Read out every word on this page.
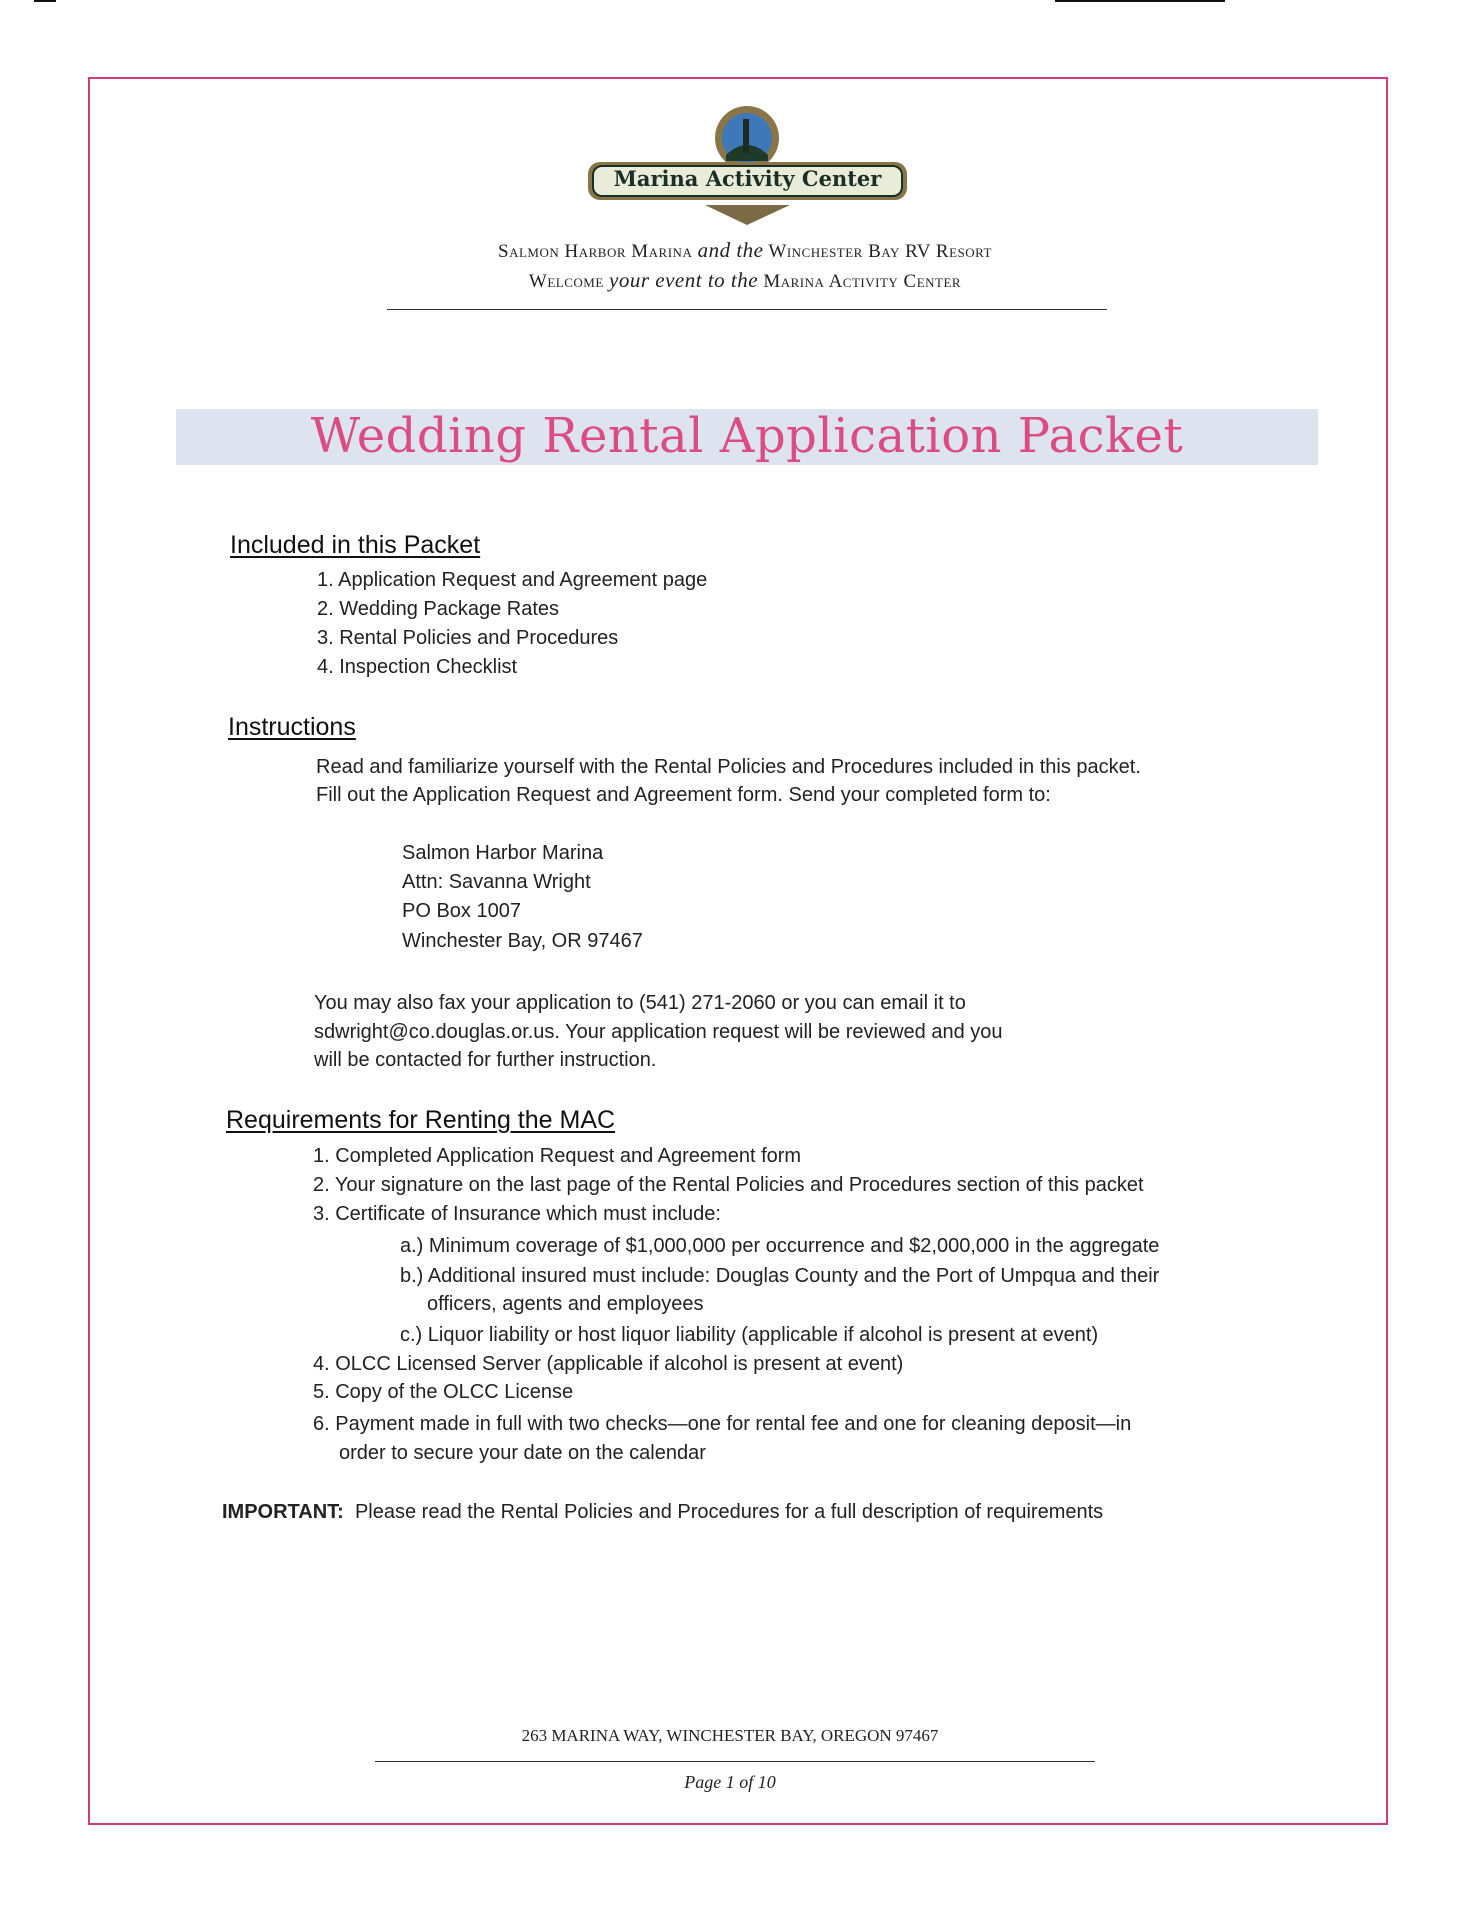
Marina Activity Center
Salmon Harbor Marina and the Winchester Bay RV Resort
Welcome your event to the Marina Activity Center
Wedding Rental Application Packet
Included in this Packet
1. Application Request and Agreement page
2. Wedding Package Rates
3. Rental Policies and Procedures
4. Inspection Checklist
Instructions
Read and familiarize yourself with the Rental Policies and Procedures included in this packet.
Fill out the Application Request and Agreement form. Send your completed form to:
Salmon Harbor Marina
Attn: Savanna Wright
PO Box 1007
Winchester Bay, OR 97467
You may also fax your application to (541) 271-2060 or you can email it to
sdwright@co.douglas.or.us. Your application request will be reviewed and you
will be contacted for further instruction.
Requirements for Renting the MAC
1. Completed Application Request and Agreement form
2. Your signature on the last page of the Rental Policies and Procedures section of this packet
3. Certificate of Insurance which must include:
a.) Minimum coverage of $1,000,000 per occurrence and $2,000,000 in the aggregate
b.) Additional insured must include: Douglas County and the Port of Umpqua and their
officers, agents and employees
c.) Liquor liability or host liquor liability (applicable if alcohol is present at event)
4. OLCC Licensed Server (applicable if alcohol is present at event)
5. Copy of the OLCC License
6. Payment made in full with two checks—one for rental fee and one for cleaning deposit—in
order to secure your date on the calendar
IMPORTANT: Please read the Rental Policies and Procedures for a full description of requirements
263 MARINA WAY, WINCHESTER BAY, OREGON 97467
Page 1 of 10
